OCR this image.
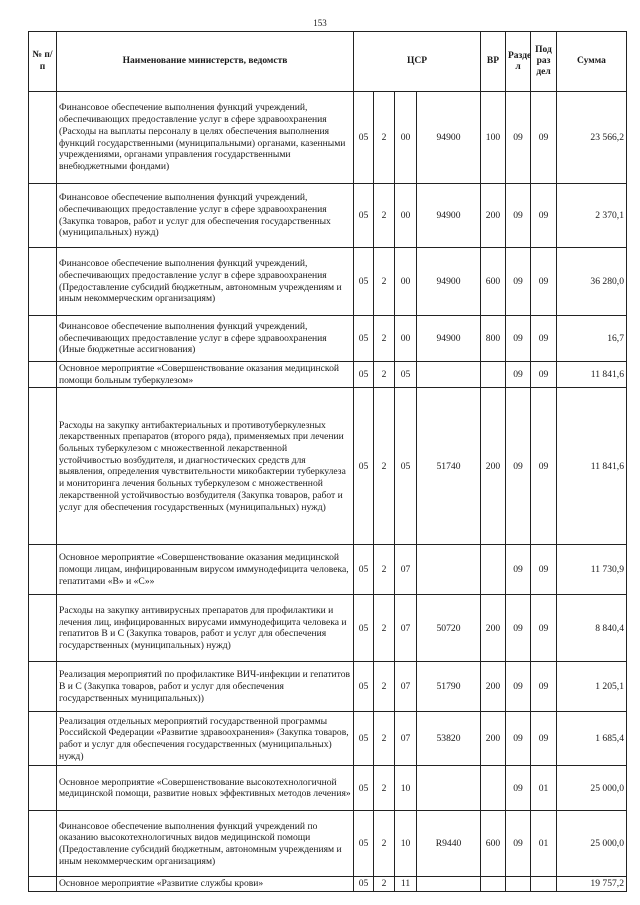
153
№ п/п	Наименование министерств, ведомств	ЦСР				ВР	Разде л	Под раз дел	Сумма
	Финансовое обеспечение выполнения функций учреждений, обеспечивающих предоставление услуг в сфере здравоохранения (Расходы на выплаты персоналу в целях обеспечения выполнения функций государственными (муниципальными) органами, казенными учреждениями, органами управления государственными внебюджетными фондами)	05	2	00	94900	100	09	09	23 566,2
	Финансовое обеспечение выполнения функций учреждений, обеспечивающих предоставление услуг в сфере здравоохранения (Закупка товаров, работ и услуг для обеспечения государственных (муниципальных) нужд)	05	2	00	94900	200	09	09	2 370,1
	Финансовое обеспечение выполнения функций учреждений, обеспечивающих предоставление услуг в сфере здравоохранения (Предоставление субсидий бюджетным, автономным учреждениям и иным некоммерческим организациям)	05	2	00	94900	600	09	09	36 280,0
	Финансовое обеспечение выполнения функций учреждений, обеспечивающих предоставление услуг в сфере здравоохранения (Иные бюджетные ассигнования)	05	2	00	94900	800	09	09	16,7
	Основное мероприятие «Совершенствование оказания медицинской помощи больным туберкулезом»	05	2	05			09	09	11 841,6
	Расходы на закупку антибактериальных и противотуберкулезных лекарственных препаратов (второго ряда), применяемых при лечении больных туберкулезом с множественной лекарственной устойчивостью возбудителя, и диагностических средств для выявления, определения чувствительности микобактерии туберкулеза и мониторинга лечения больных туберкулезом с множественной лекарственной устойчивостью возбудителя (Закупка товаров, работ и услуг для обеспечения государственных (муниципальных) нужд)	05	2	05	51740	200	09	09	11 841,6
	Основное мероприятие «Совершенствование оказания медицинской помощи лицам, инфицированным вирусом иммунодефицита человека, гепатитами «В» и «С»»	05	2	07			09	09	11 730,9
	Расходы на закупку антивирусных препаратов для профилактики и лечения лиц, инфицированных вирусами иммунодефицита человека и гепатитов В и С (Закупка товаров, работ и услуг для обеспечения государственных (муниципальных) нужд)	05	2	07	50720	200	09	09	8 840,4
	Реализация мероприятий по профилактике ВИЧ-инфекции и гепатитов В и С (Закупка товаров, работ и услуг для обеспечения государственных муниципальных))	05	2	07	51790	200	09	09	1 205,1
	Реализация отдельных мероприятий государственной программы Российской Федерации «Развитие здравоохранения» (Закупка товаров, работ и услуг для обеспечения государственных (муниципальных) нужд)	05	2	07	53820	200	09	09	1 685,4
	Основное мероприятие «Совершенствование высокотехнологичной медицинской помощи, развитие новых эффективных методов лечения»	05	2	10			09	01	25 000,0
	Финансовое обеспечение выполнения функций учреждений по оказанию высокотехнологичных видов медицинской помощи (Предоставление субсидий бюджетным, автономным учреждениям и иным некоммерческим организациям)	05	2	10	R9440	600	09	01	25 000,0
	Основное мероприятие «Развитие службы крови»	05	2	11					19 757,2
